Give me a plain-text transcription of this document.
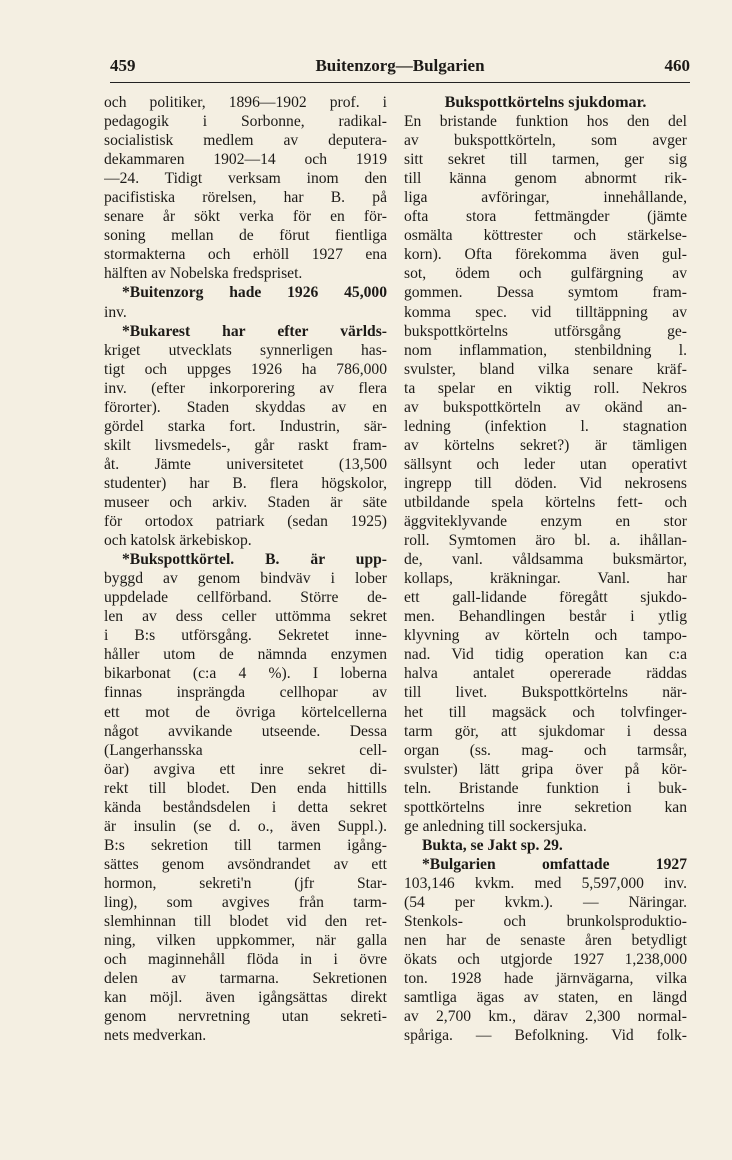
459	Buitenzorg—Bulgarien	460
och politiker, 1896—1902 prof. i
pedagogik i Sorbonne, radikal-
socialistisk medlem av deputera-
dekammaren 1902—14 och 1919
—24. Tidigt verksam inom den
pacifistiska rörelsen, har B. på
senare år sökt verka för en för-
soning mellan de förut fientliga
stormakterna och erhöll 1927 ena
hälften av Nobelska fredspriset.
*Buitenzorg hade 1926 45,000
inv.
*Bukarest har efter världs-
kriget utvecklats synnerligen has-
tigt och uppges 1926 ha 786,000
inv. (efter inkorporering av flera
förorter). Staden skyddas av en
gördel starka fort. Industrin, sär-
skilt livsmedels-, går raskt fram-
åt. Jämte universitetet (13,500
studenter) har B. flera högskolor,
museer och arkiv. Staden är säte
för ortodox patriark (sedan 1925)
och katolsk ärkebiskop.
*Bukspottkörtel. B. är upp-
byggd av genom bindväv i lober
uppdelade cellförband. Större de-
len av dess celler uttömma sekret
i B:s utförsgång. Sekretet inne-
håller utom de nämnda enzymen
bikarbonat (c:a 4 %). I loberna
finnas insprängda cellhopar av
ett mot de övriga körtelcellerna
något avvikande utseende. Dessa
(Langerhansska cell-
öar) avgiva ett inre sekret di-
rekt till blodet. Den enda hittills
kända beståndsdelen i detta sekret
är insulin (se d. o., även Suppl.).
B:s sekretion till tarmen igång-
sättes genom avsöndrandet av ett
hormon, sekreti'n (jfr Star-
ling), som avgives från tarm-
slemhinnan till blodet vid den ret-
ning, vilken uppkommer, när galla
och maginnehåll flöda in i övre
delen av tarmarna. Sekretionen
kan möjl. även igångsättas direkt
genom nervretning utan sekreti-
nets medverkan.
Bukspottkörtelns sjukdomar.
En bristande funktion hos den del
av bukspottkörteln, som avger
sitt sekret till tarmen, ger sig
till känna genom abnormt rik-
liga avföringar, innehållande,
ofta stora fettmängder (jämte
osmälta köttrester och stärkelse-
korn). Ofta förekomma även gul-
sot, ödem och gulfärgning av
gommen. Dessa symtom fram-
komma spec. vid tilltäppning av
bukspottkörtelns utförsgång ge-
nom inflammation, stenbildning l.
svulster, bland vilka senare kräf-
ta spelar en viktig roll. Nekros
av bukspottkörteln av okänd an-
ledning (infektion l. stagnation
av körtelns sekret?) är tämligen
sällsynt och leder utan operativt
ingrepp till döden. Vid nekrosens
utbildande spela körtelns fett- och
äggviteklyvande enzym en stor
roll. Symtomen äro bl. a. ihållan-
de, vanl. våldsamma buksmärtor,
kollaps, kräkningar. Vanl. har
ett gall-lidande föregått sjukdo-
men. Behandlingen består i ytlig
klyvning av körteln och tampo-
nad. Vid tidig operation kan c:a
halva antalet opererade räddas
till livet. Bukspottkörtelns när-
het till magsäck och tolvfinger-
tarm gör, att sjukdomar i dessa
organ (ss. mag- och tarmsår,
svulster) lätt gripa över på kör-
teln. Bristande funktion i buk-
spottkörtelns inre sekretion kan
ge anledning till sockersjuka.
Bukta, se Jakt sp. 29.
*Bulgarien omfattade 1927
103,146 kvkm. med 5,597,000 inv.
(54 per kvkm.). — Näringar.
Stenkols- och brunkolsproduktio-
nen har de senaste åren betydligt
ökats och utgjorde 1927 1,238,000
ton. 1928 hade järnvägarna, vilka
samtliga ägas av staten, en längd
av 2,700 km., därav 2,300 normal-
spåriga. — Befolkning. Vid folk-
